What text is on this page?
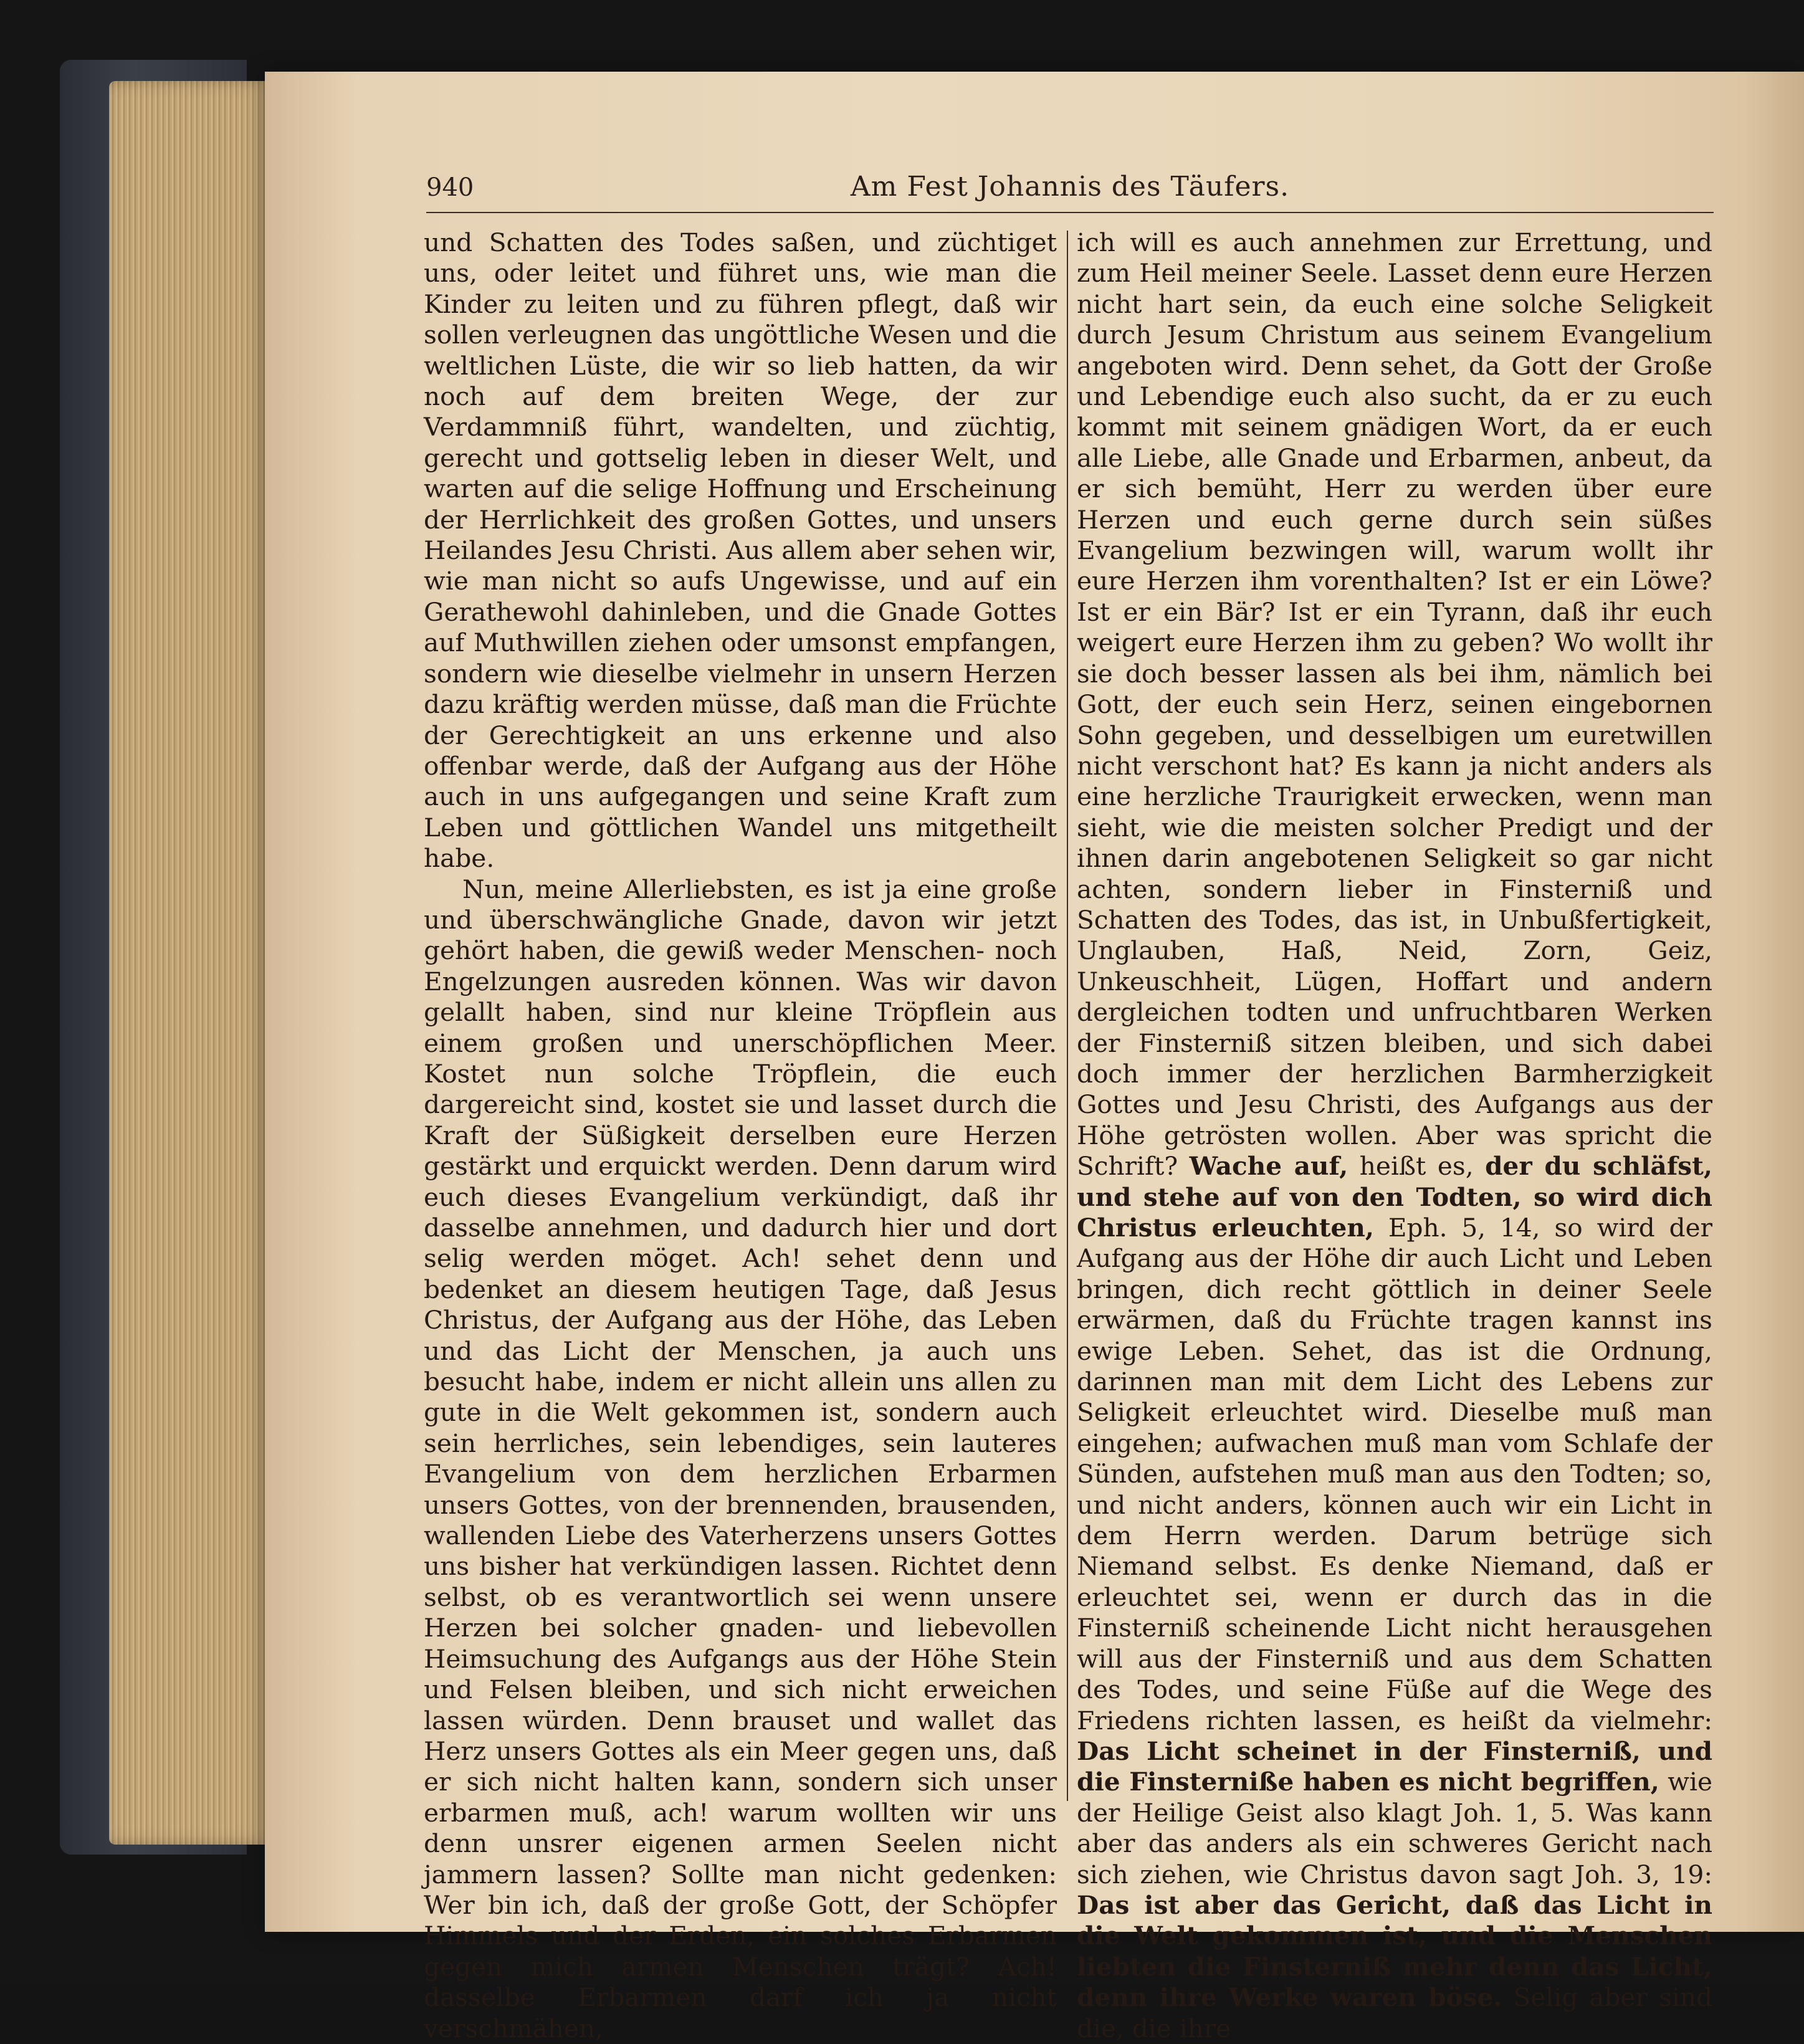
940	Am Fest Johannis des Täufers.

und Schatten des Todes saßen, und züchtiget uns, oder leitet und führet uns, wie man die Kinder zu leiten und zu führen pflegt, daß wir sollen verleugnen das ungöttliche Wesen und die weltlichen Lüste, die wir so lieb hatten, da wir noch auf dem breiten Wege, der zur Verdammniß führt, wandelten, und züchtig, gerecht und gottselig leben in dieser Welt, und warten auf die selige Hoffnung und Erscheinung der Herrlichkeit des großen Gottes, und unsers Heilandes Jesu Christi. Aus allem aber sehen wir, wie man nicht so aufs Ungewisse, und auf ein Gerathewohl dahinleben, und die Gnade Gottes auf Muthwillen ziehen oder umsonst empfangen, sondern wie dieselbe vielmehr in unsern Herzen dazu kräftig werden müsse, daß man die Früchte der Gerechtigkeit an uns erkenne und also offenbar werde, daß der Aufgang aus der Höhe auch in uns aufgegangen und seine Kraft zum Leben und göttlichen Wandel uns mitgetheilt habe.

Nun, meine Allerliebsten, es ist ja eine große und überschwängliche Gnade, davon wir jetzt gehört haben, die gewiß weder Menschen- noch Engelzungen ausreden können. Was wir davon gelallt haben, sind nur kleine Tröpflein aus einem großen und unerschöpflichen Meer. Kostet nun solche Tröpflein, die euch dargereicht sind, kostet sie und lasset durch die Kraft der Süßigkeit derselben eure Herzen gestärkt und erquickt werden. Denn darum wird euch dieses Evangelium verkündigt, daß ihr dasselbe annehmen, und dadurch hier und dort selig werden möget. Ach! sehet denn und bedenket an diesem heutigen Tage, daß Jesus Christus, der Aufgang aus der Höhe, das Leben und das Licht der Menschen, ja auch uns besucht habe, indem er nicht allein uns allen zu gute in die Welt gekommen ist, sondern auch sein herrliches, sein lebendiges, sein lauteres Evangelium von dem herzlichen Erbarmen unsers Gottes, von der brennenden, brausenden, wallenden Liebe des Vaterherzens unsers Gottes uns bisher hat verkündigen lassen. Richtet denn selbst, ob es verantwortlich sei wenn unsere Herzen bei solcher gnaden- und liebevollen Heimsuchung des Aufgangs aus der Höhe Stein und Felsen bleiben, und sich nicht erweichen lassen würden. Denn brauset und wallet das Herz unsers Gottes als ein Meer gegen uns, daß er sich nicht halten kann, sondern sich unser erbarmen muß, ach! warum wollten wir uns denn unsrer eigenen armen Seelen nicht jammern lassen? Sollte man nicht gedenken: Wer bin ich, daß der große Gott, der Schöpfer Himmels und der Erden, ein solches Erbarmen gegen mich armen Menschen trägt? Ach! dasselbe Erbarmen darf ich ja nicht verschmähen,

ich will es auch annehmen zur Errettung, und zum Heil meiner Seele. Lasset denn eure Herzen nicht hart sein, da euch eine solche Seligkeit durch Jesum Christum aus seinem Evangelium angeboten wird. Denn sehet, da Gott der Große und Lebendige euch also sucht, da er zu euch kommt mit seinem gnädigen Wort, da er euch alle Liebe, alle Gnade und Erbarmen, anbeut, da er sich bemüht, Herr zu werden über eure Herzen und euch gerne durch sein süßes Evangelium bezwingen will, warum wollt ihr eure Herzen ihm vorenthalten? Ist er ein Löwe? Ist er ein Bär? Ist er ein Tyrann, daß ihr euch weigert eure Herzen ihm zu geben? Wo wollt ihr sie doch besser lassen als bei ihm, nämlich bei Gott, der euch sein Herz, seinen eingebornen Sohn gegeben, und desselbigen um euretwillen nicht verschont hat? Es kann ja nicht anders als eine herzliche Traurigkeit erwecken, wenn man sieht, wie die meisten solcher Predigt und der ihnen darin angebotenen Seligkeit so gar nicht achten, sondern lieber in Finsterniß und Schatten des Todes, das ist, in Unbußfertigkeit, Unglauben, Haß, Neid, Zorn, Geiz, Unkeuschheit, Lügen, Hoffart und andern dergleichen todten und unfruchtbaren Werken der Finsterniß sitzen bleiben, und sich dabei doch immer der herzlichen Barmherzigkeit Gottes und Jesu Christi, des Aufgangs aus der Höhe getrösten wollen. Aber was spricht die Schrift? Wache auf, heißt es, der du schläfst, und stehe auf von den Todten, so wird dich Christus erleuchten, Eph. 5, 14, so wird der Aufgang aus der Höhe dir auch Licht und Leben bringen, dich recht göttlich in deiner Seele erwärmen, daß du Früchte tragen kannst ins ewige Leben. Sehet, das ist die Ordnung, darinnen man mit dem Licht des Lebens zur Seligkeit erleuchtet wird. Dieselbe muß man eingehen; aufwachen muß man vom Schlafe der Sünden, aufstehen muß man aus den Todten; so, und nicht anders, können auch wir ein Licht in dem Herrn werden. Darum betrüge sich Niemand selbst. Es denke Niemand, daß er erleuchtet sei, wenn er durch das in die Finsterniß scheinende Licht nicht herausgehen will aus der Finsterniß und aus dem Schatten des Todes, und seine Füße auf die Wege des Friedens richten lassen, es heißt da vielmehr: Das Licht scheinet in der Finsterniß, und die Finsterniße haben es nicht begriffen, wie der Heilige Geist also klagt Joh. 1, 5. Was kann aber das anders als ein schweres Gericht nach sich ziehen, wie Christus davon sagt Joh. 3, 19: Das ist aber das Gericht, daß das Licht in die Welt gekommen ist, und die Menschen liebten die Finsterniß mehr denn das Licht, denn ihre Werke waren böse. Selig aber sind die, die ihre
